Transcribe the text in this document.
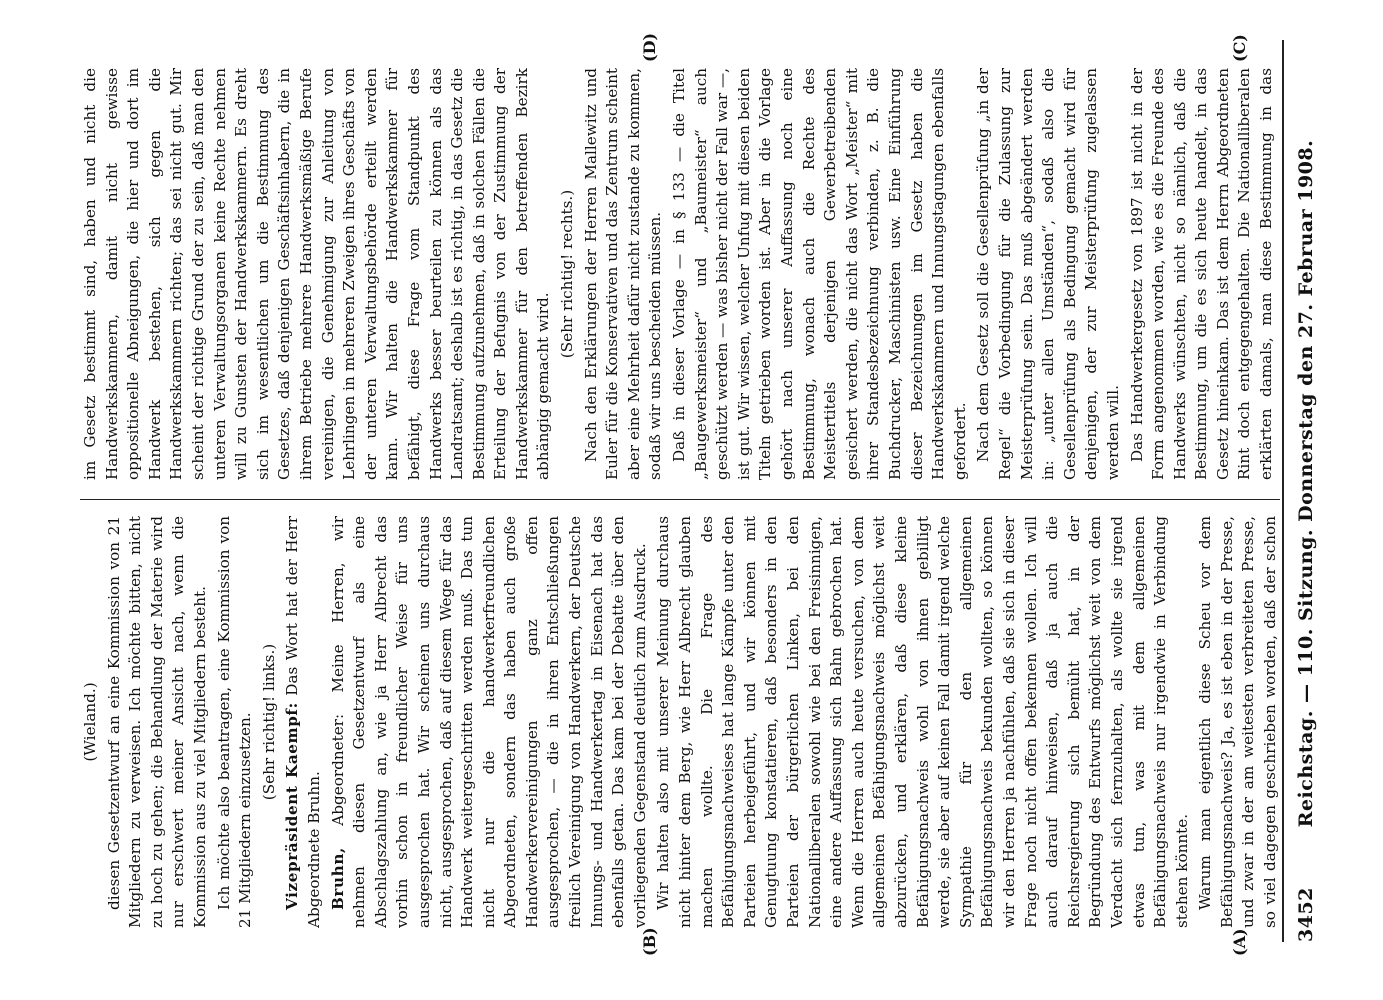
3452
Reichstag. — 110. Sitzung. Donnerstag den 27. Februar 1908.
(A)
(B)
(C)
(D)

(Wieland.) diesen Gesetzentwurf an eine Kommission von 21 Mitgliedern zu verweisen. Ich möchte bitten, nicht zu hoch zu gehen; die Behandlung der Materie wird nur erschwert meiner Ansicht nach, wenn die Kommission aus zu viel Mitgliedern besteht. Ich möchte also beantragen, eine Kommission von 21 Mitgliedern einzusetzen. (Sehr richtig! links.) Vizepräsident Kaempf: Das Wort hat der Herr Abgeordnete Bruhn. Bruhn, Abgeordneter: Meine Herren, wir nehmen diesen Gesetzentwurf als eine Abschlagszahlung an, wie ja Herr Albrecht das vorhin schon in freundlicher Weise für uns ausgesprochen hat. Wir scheinen uns durchaus nicht, ausgesprochen, daß auf diesem Wege für das Handwerk weitergeschritten werden muß. Das tun nicht nur die handwerkerfreundlichen Abgeordneten, sondern das haben auch große Handwerkervereinigungen ganz offen ausgesprochen, — die in ihren Entschließungen freilich Vereinigung von Handwerkern, der Deutsche Innungs- und Handwerkertag in Eisenach hat das ebenfalls getan. Das kam bei der Debatte über den vorliegenden Gegenstand deutlich zum Ausdruck. Wir halten also mit unserer Meinung durchaus nicht hinter dem Berg, wie Herr Albrecht glauben machen wollte. Die Frage des Befähigungsnachweises hat lange Kämpfe unter den Parteien herbeigeführt, und wir können mit Genugtuung konstatieren, daß besonders in den Parteien der bürgerlichen Linken, bei den Nationalliberalen sowohl wie bei den Freisinnigen, eine andere Auffassung sich Bahn gebrochen hat. Wenn die Herren auch heute versuchen, von dem allgemeinen Befähigungsnachweis möglichst weit abzurücken, und erklären, daß diese kleine Befähigungsnachweis wohl von ihnen gebilligt werde, sie aber auf keinen Fall damit irgend welche Sympathie für den allgemeinen Befähigungsnachweis bekunden wollten, so können wir den Herren ja nachfühlen, daß sie sich in dieser Frage noch nicht offen bekennen wollen. Ich will auch darauf hinweisen, daß ja auch die Reichsregierung sich bemüht hat, in der Begründung des Entwurfs möglichst weit von dem Verdacht sich fernzuhalten, als wollte sie irgend etwas tun, was mit dem allgemeinen Befähigungsnachweis nur irgendwie in Verbindung stehen könnte. Warum man eigentlich diese Scheu vor dem Befähigungsnachweis? Ja, es ist eben in der Presse, und zwar in der am weitesten verbreiteten Presse, so viel dagegen geschrieben worden, daß der schon

im Gesetz bestimmt sind, haben und nicht die Handwerkskammern, damit nicht gewisse oppositionelle Abneigungen, die hier und dort im Handwerk bestehen, sich gegen die Handwerkskammern richten; das sei nicht gut. Mir scheint der richtige Grund der zu sein, daß man den unteren Verwaltungsorganen keine Rechte nehmen will zu Gunsten der Handwerkskammern. Es dreht sich im wesentlichen um die Bestimmung des Gesetzes, daß denjenigen Geschäftsinhabern, die in ihrem Betriebe mehrere Handwerksmäßige Berufe vereinigen, die Genehmigung zur Anleitung von Lehrlingen in mehreren Zweigen ihres Geschäfts von der unteren Verwaltungsbehörde erteilt werden kann. Wir halten die Handwerkskammer für befähigt, diese Frage vom Standpunkt des Handwerks besser beurteilen zu können als das Landratsamt; deshalb ist es richtig, in das Gesetz die Bestimmung aufzunehmen, daß in solchen Fällen die Erteilung der Befugnis von der Zustimmung der Handwerkskammer für den betreffenden Bezirk abhängig gemacht wird.

(Sehr richtig! rechts.) Nach den Erklärungen der Herren Mallewitz und Euler für die Konservativen und das Zentrum scheint aber eine Mehrheit dafür nicht zustande zu kommen, sodaß wir uns bescheiden müssen. Daß in dieser Vorlage — in § 133 — die Titel „Baugewerksmeister“ und „Baumeister“ auch geschützt werden — was bisher nicht der Fall war —, ist gut. Wir wissen, welcher Unfug mit diesen beiden Titeln getrieben worden ist. Aber in die Vorlage gehört nach unserer Auffassung noch eine Bestimmung, wonach auch die Rechte des Meistertitels derjenigen Gewerbetreibenden gesichert werden, die nicht das Wort „Meister“ mit ihrer Standesbezeichnung verbinden, z. B. die Buchdrucker, Maschinisten usw. Eine Einführung dieser Bezeichnungen im Gesetz haben die Handwerkskammern und Innungstagungen ebenfalls gefordert. Nach dem Gesetz soll die Gesellenprüfung „in der Regel“ die Vorbedingung für die Zulassung zur Meisterprüfung sein. Das muß abgeändert werden in: „unter allen Umständen“, sodaß also die Gesellenprüfung als Bedingung gemacht wird für denjenigen, der zur Meisterprüfung zugelassen werden will. Das Handwerkergesetz von 1897 ist nicht in der Form angenommen worden, wie es die Freunde des Handwerks wünschten, nicht so nämlich, daß die Bestimmung, um die es sich heute handelt, in das Gesetz hineinkam. Das ist dem Herrn Abgeordneten Rint doch entgegengehalten. Die Nationalliberalen erklärten damals, man diese Bestimmung in das
